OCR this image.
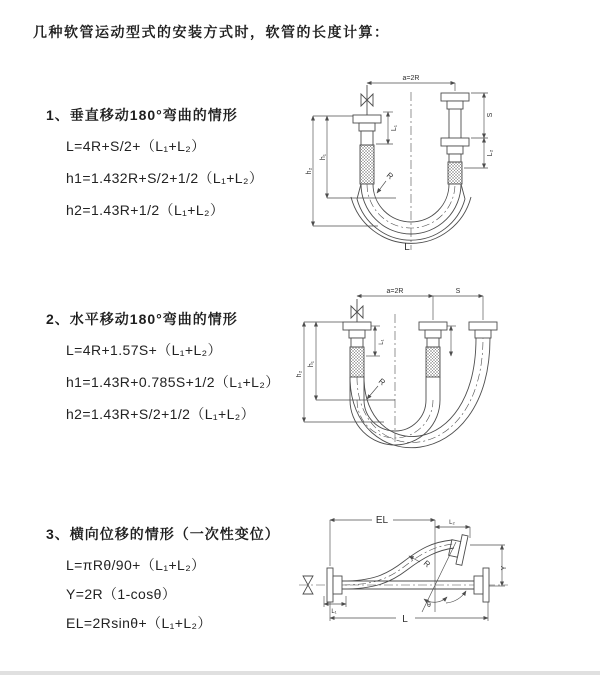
几种软管运动型式的安装方式时，软管的长度计算：
1、垂直移动180°弯曲的情形
L=4R+S/2+（L₁+L₂）
h1=1.432R+S/2+1/2（L₁+L₂）
h2=1.43R+1/2（L₁+L₂）
2、水平移动180°弯曲的情形
L=4R+1.57S+（L₁+L₂）
h1=1.43R+0.785S+1/2（L₁+L₂）
h2=1.43R+S/2+1/2（L₁+L₂）
3、横向位移的情形（一次性变位）
L=πRθ/90+（L₁+L₂）
Y=2R（1-cosθ）
EL=2Rsinθ+（L₁+L₂）
a=2R
L₁
h₁
h₂
S
L₂
R
L
a=2R	S
L₁
h₁
h₂
R
EL	L₂
Y
R
θ
L
L₁
